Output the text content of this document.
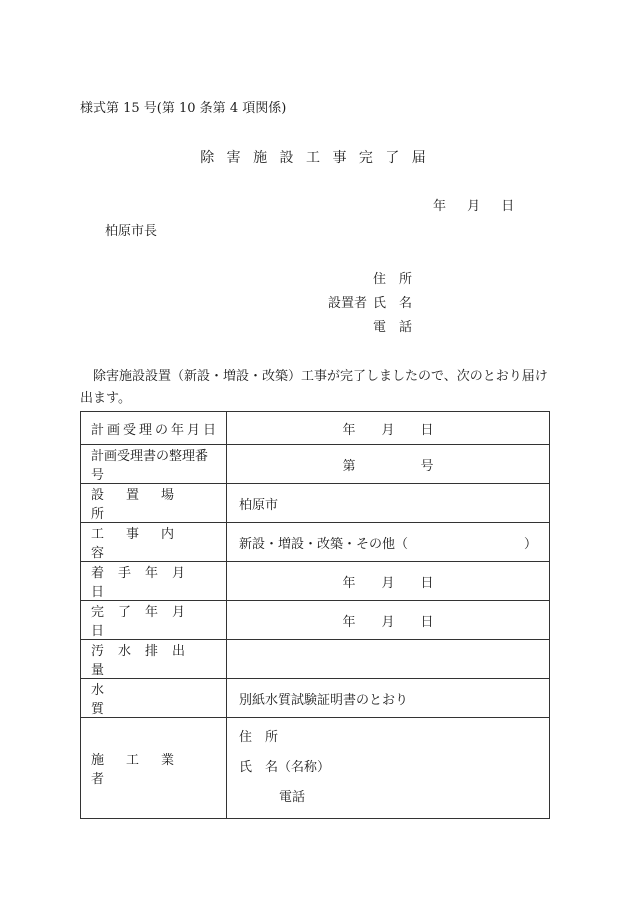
様式第 15 号(第 10 条第 4 項関係)
除 害 施 設 工 事 完 了 届
年　 月　 日
柏原市長
住　所
設置者 氏　名
電　話
除害施設設置（新設・増設・改築）工事が完了しましたので、次のとおり届け出ます。
計画受理の年月日	年　　月　　日
計画受理書の整理番号	第　　　　　号
設置場所	柏原市
工事内容	新設・増設・改築・その他（ ）

着手年月日	年　　月　　日
完了年月日	年　　月　　日
汚水排出量	
水質	別紙水質試験証明書のとおり
施工業者	住　所
氏　名（名称）
電話
